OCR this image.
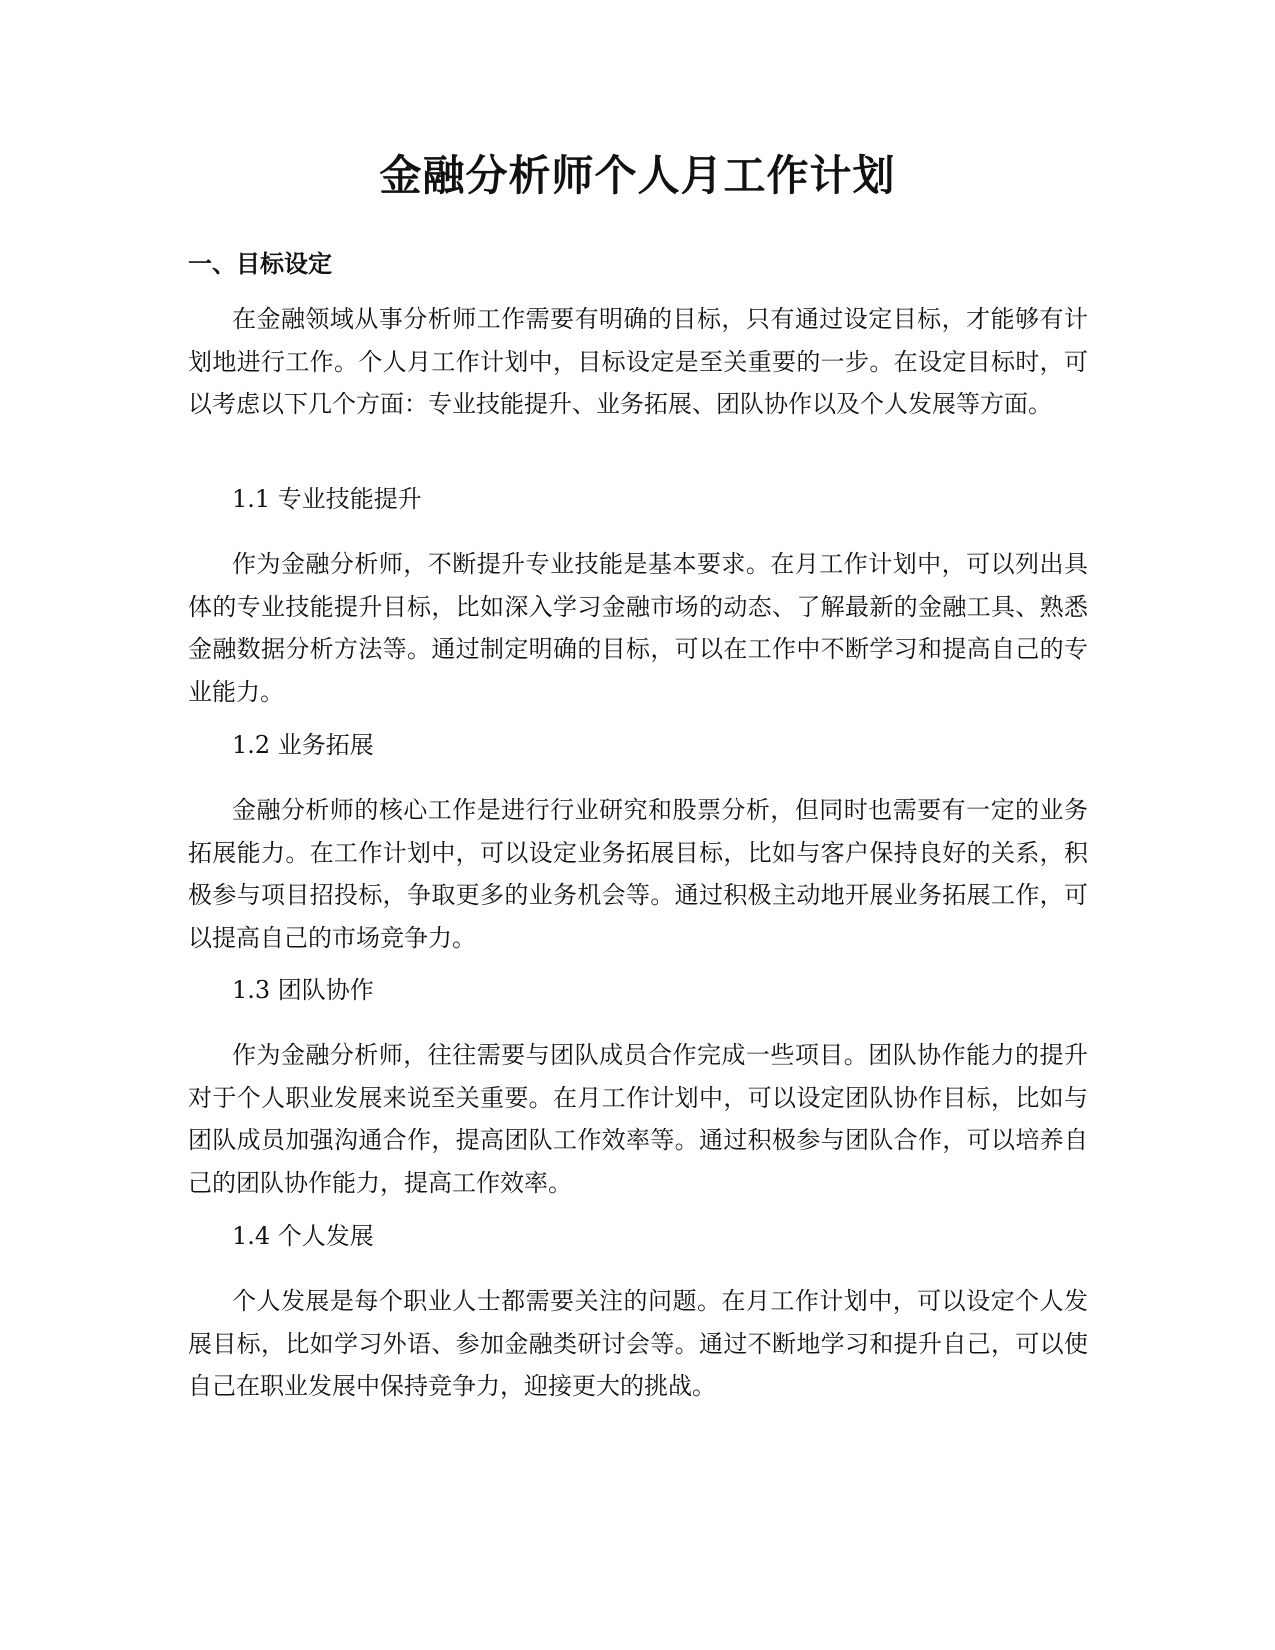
金融分析师个人月工作计划
一、目标设定

在金融领域从事分析师工作需要有明确的目标，只有通过设定目标，才能够有计划地进行工作。个人月工作计划中，目标设定是至关重要的一步。在设定目标时，可以考虑以下几个方面：专业技能提升、业务拓展、团队协作以及个人发展等方面。

1.1 专业技能提升

作为金融分析师，不断提升专业技能是基本要求。在月工作计划中，可以列出具体的专业技能提升目标，比如深入学习金融市场的动态、了解最新的金融工具、熟悉金融数据分析方法等。通过制定明确的目标，可以在工作中不断学习和提高自己的专业能力。

1.2 业务拓展

金融分析师的核心工作是进行行业研究和股票分析，但同时也需要有一定的业务拓展能力。在工作计划中，可以设定业务拓展目标，比如与客户保持良好的关系，积极参与项目招投标，争取更多的业务机会等。通过积极主动地开展业务拓展工作，可以提高自己的市场竞争力。

1.3 团队协作

作为金融分析师，往往需要与团队成员合作完成一些项目。团队协作能力的提升对于个人职业发展来说至关重要。在月工作计划中，可以设定团队协作目标，比如与团队成员加强沟通合作，提高团队工作效率等。通过积极参与团队合作，可以培养自己的团队协作能力，提高工作效率。

1.4 个人发展

个人发展是每个职业人士都需要关注的问题。在月工作计划中，可以设定个人发展目标，比如学习外语、参加金融类研讨会等。通过不断地学习和提升自己，可以使自己在职业发展中保持竞争力，迎接更大的挑战。
